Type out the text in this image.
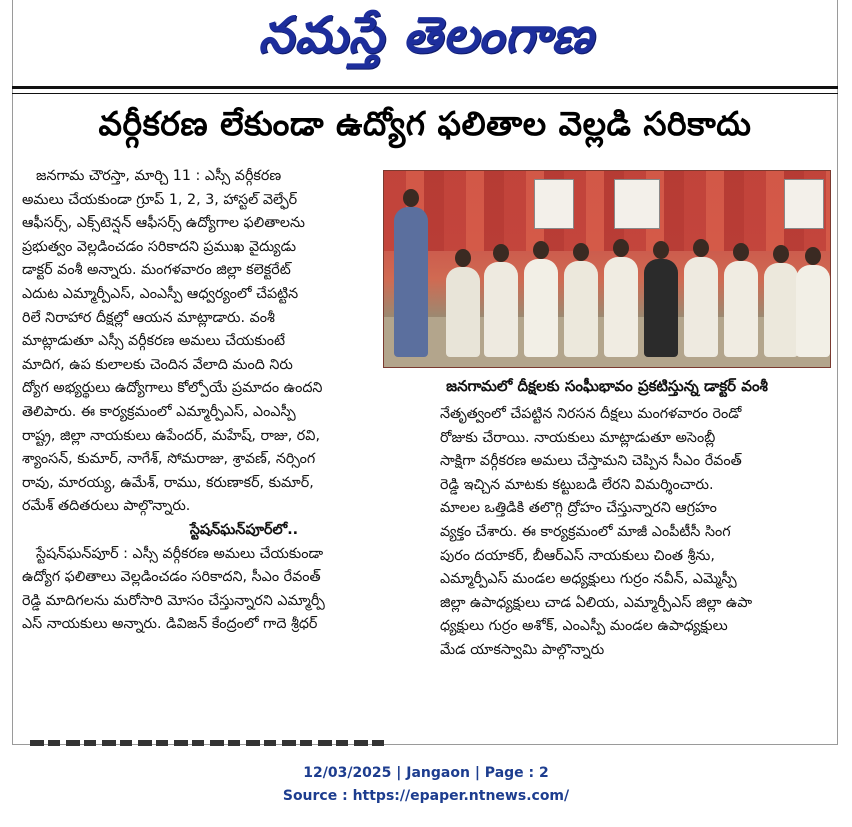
నమస్తే తెలంగాణ
వర్గీకరణ లేకుండా ఉద్యోగ ఫలితాల వెల్లడి సరికాదు
జనగామ చౌరస్తా, మార్చి 11 : ఎస్సీ వర్గీకరణ
అమలు చేయకుండా గ్రూప్ 1, 2, 3, హాస్టల్ వెల్ఫేర్
ఆఫీసర్స్, ఎక్స్‌టెన్షన్ ఆఫీసర్స్ ఉద్యోగాల ఫలితాలను
ప్రభుత్వం వెల్లడించడం సరికాదని ప్రముఖ వైద్యుడు
డాక్టర్ వంశీ అన్నారు. మంగళవారం జిల్లా కలెక్టరేట్
ఎదుట ఎమ్మార్పీఎస్, ఎంఎస్పీ ఆధ్వర్యంలో చేపట్టిన
రిలే నిరాహార దీక్షల్లో ఆయన మాట్లాడారు. వంశీ
మాట్లాడుతూ ఎస్సీ వర్గీకరణ అమలు చేయకుంటే
మాదిగ, ఉప కులాలకు చెందిన వేలాది మంది నిరు
ద్యోగ అభ్యర్థులు ఉద్యోగాలు కోల్పోయే ప్రమాదం ఉందని
తెలిపారు. ఈ కార్యక్రమంలో ఎమ్మార్పీఎస్, ఎంఎస్పీ
రాష్ట్ర, జిల్లా నాయకులు ఉపేందర్, మహేష్, రాజు, రవి,
శ్యాంసన్, కుమార్, నాగేశ్, సోమరాజు, శ్రావణ్, నర్సింగ
రావు, మారయ్య, ఉమేశ్, రాము, కరుణాకర్, కుమార్,
రమేశ్ తదితరులు పాల్గొన్నారు.
స్టేషన్‌ఘన్‌పూర్‌లో..
స్టేషన్‌ఘన్‌పూర్ : ఎస్సీ వర్గీకరణ అమలు చేయకుండా
ఉద్యోగ ఫలితాలు వెల్లడించడం సరికాదని, సీఎం రేవంత్
రెడ్డి మాదిగలను మరోసారి మోసం చేస్తున్నారని ఎమ్మార్పీ
ఎస్ నాయకులు అన్నారు. డివిజన్ కేంద్రంలో గాదె శ్రీధర్
జనగామలో దీక్షలకు సంఘీభావం ప్రకటిస్తున్న డాక్టర్ వంశీ
నేతృత్వంలో చేపట్టిన నిరసన దీక్షలు మంగళవారం రెండో
రోజుకు చేరాయి. నాయకులు మాట్లాడుతూ అసెంబ్లీ
సాక్షిగా వర్గీకరణ అమలు చేస్తామని చెప్పిన సీఎం రేవంత్
రెడ్డి ఇచ్చిన మాటకు కట్టుబడి లేరని విమర్శించారు.
మాలల ఒత్తిడికి తలొగ్గి ద్రోహం చేస్తున్నారని ఆగ్రహం
వ్యక్తం చేశారు. ఈ కార్యక్రమంలో మాజీ ఎంపీటీసీ సింగ
పురం దయాకర్, బీఆర్ఎస్ నాయకులు చింత శ్రీను,
ఎమ్మార్పీఎస్ మండల అధ్యక్షులు గుర్రం నవీన్, ఎమ్మెస్పీ
జిల్లా ఉపాధ్యక్షులు చాడ ఏలియ, ఎమ్మార్పీఎస్ జిల్లా ఉపా
ధ్యక్షులు గుర్రం అశోక్, ఎంఎస్పీ మండల ఉపాధ్యక్షులు
మేడ యాకస్వామి పాల్గొన్నారు
12/03/2025 | Jangaon | Page : 2
Source : https://epaper.ntnews.com/
